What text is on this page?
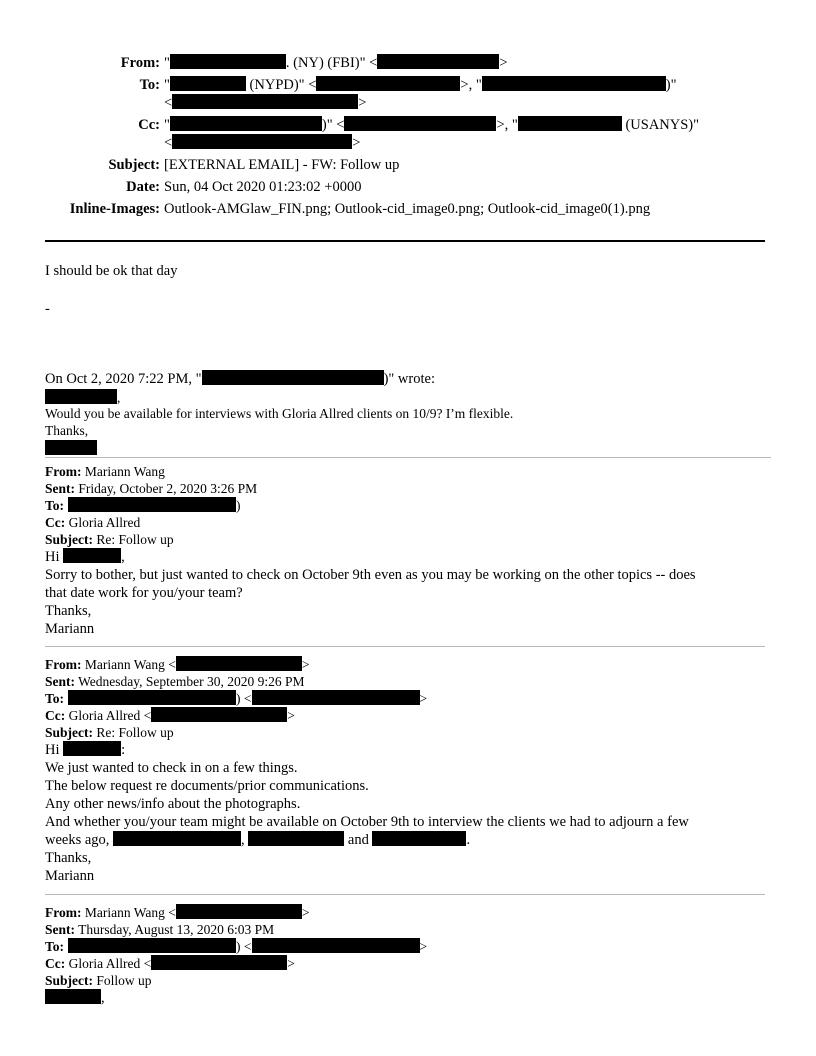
From: "	. (NY) (FBI)" <	>
To: "	(NYPD)" <	>, "	)"
<	>
Cc: "	)" <	>, "	(USANYS)"
<	>
Subject: [EXTERNAL EMAIL] - FW: Follow up
Date: Sun, 04 Oct 2020 01:23:02 +0000
Inline-Images: Outlook-AMGlaw_FIN.png; Outlook-cid_image0.png; Outlook-cid_image0(1).png
I should be ok that day
-
On Oct 2, 2020 7:22 PM, "	)" wrote:
,
Would you be available for interviews with Gloria Allred clients on 10/9? I’m flexible.
Thanks,
From: Mariann Wang
Sent: Friday, October 2, 2020 3:26 PM
To:	)
Cc: Gloria Allred
Subject: Re: Follow up
Hi	,
Sorry to bother, but just wanted to check on October 9th even as you may be working on the other topics -- does
that date work for you/your team?
Thanks,
Mariann
From: Mariann Wang <	>
Sent: Wednesday, September 30, 2020 9:26 PM
To:	) <	>
Cc: Gloria Allred <	>
Subject: Re: Follow up
Hi	:
We just wanted to check in on a few things.
The below request re documents/prior communications.
Any other news/info about the photographs.
And whether you/your team might be available on October 9th to interview the clients we had to adjourn a few
weeks ago,	,	and	.
Thanks,
Mariann
From: Mariann Wang <	>
Sent: Thursday, August 13, 2020 6:03 PM
To:	) <	>
Cc: Gloria Allred <	>
Subject: Follow up
,
